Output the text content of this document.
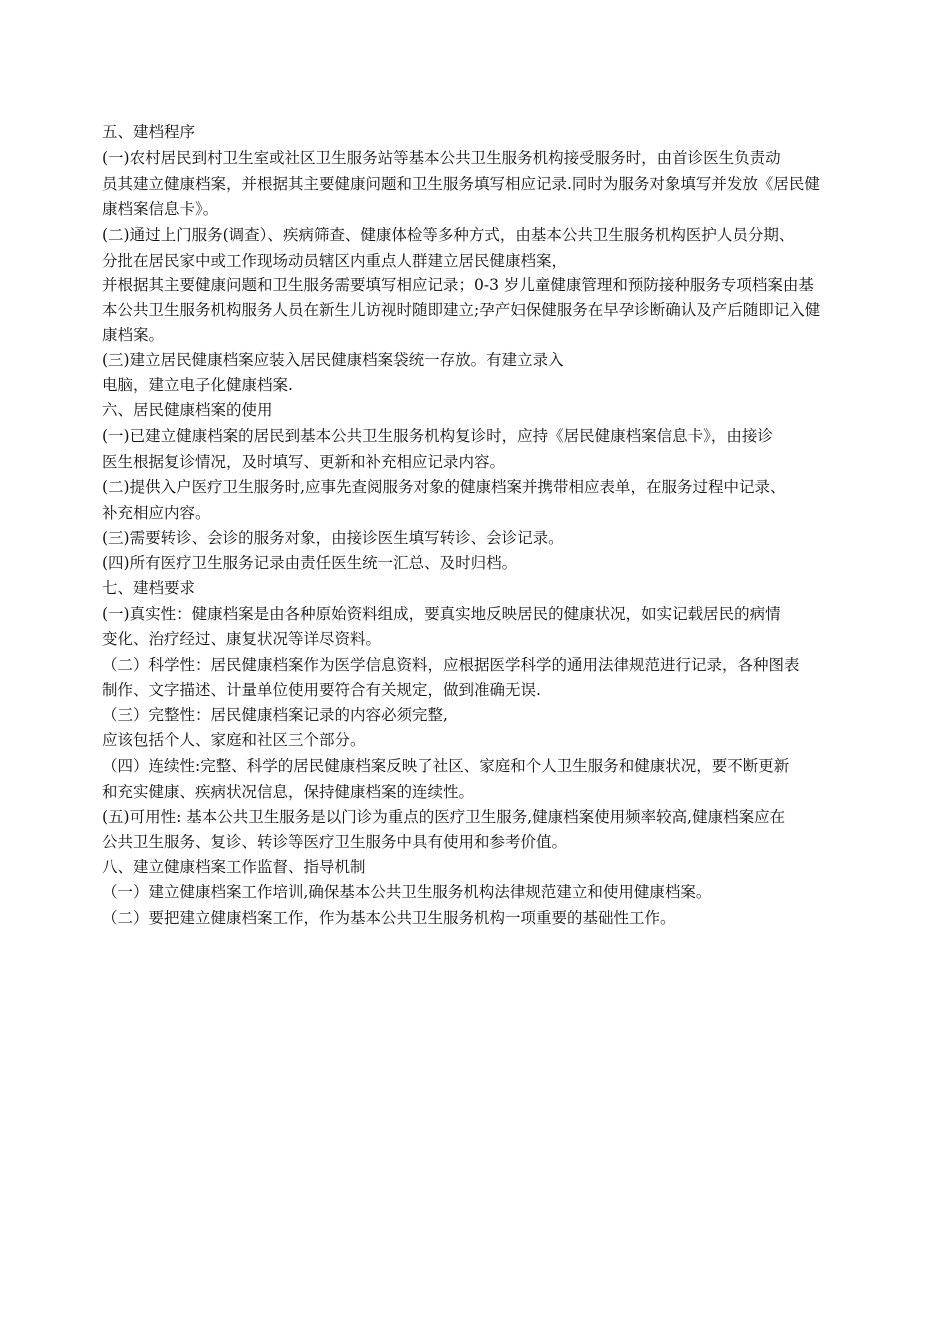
五、建档程序
(一)农村居民到村卫生室或社区卫生服务站等基本公共卫生服务机构接受服务时，由首诊医生负责动
员其建立健康档案，并根据其主要健康问题和卫生服务填写相应记录.同时为服务对象填写并发放《居民健
康档案信息卡》。
(二)通过上门服务(调查）、疾病筛查、健康体检等多种方式，由基本公共卫生服务机构医护人员分期、
分批在居民家中或工作现场动员辖区内重点人群建立居民健康档案，
并根据其主要健康问题和卫生服务需要填写相应记录；0-3 岁儿童健康管理和预防接种服务专项档案由基
本公共卫生服务机构服务人员在新生儿访视时随即建立;孕产妇保健服务在早孕诊断确认及产后随即记入健
康档案。
(三)建立居民健康档案应装入居民健康档案袋统一存放。有建立录入
电脑，建立电子化健康档案.
六、居民健康档案的使用
(一)已建立健康档案的居民到基本公共卫生服务机构复诊时，应持《居民健康档案信息卡》，由接诊
医生根据复诊情况，及时填写、更新和补充相应记录内容。
(二)提供入户医疗卫生服务时,应事先查阅服务对象的健康档案并携带相应表单，在服务过程中记录、
补充相应内容。
(三)需要转诊、会诊的服务对象，由接诊医生填写转诊、会诊记录。
(四)所有医疗卫生服务记录由责任医生统一汇总、及时归档。
七、建档要求
(一)真实性：健康档案是由各种原始资料组成，要真实地反映居民的健康状况，如实记载居民的病情
变化、治疗经过、康复状况等详尽资料。
（二）科学性：居民健康档案作为医学信息资料，应根据医学科学的通用法律规范进行记录，各种图表
制作、文字描述、计量单位使用要符合有关规定，做到准确无误.
（三）完整性：居民健康档案记录的内容必须完整,
应该包括个人、家庭和社区三个部分。
（四）连续性:完整、科学的居民健康档案反映了社区、家庭和个人卫生服务和健康状况，要不断更新
和充实健康、疾病状况信息，保持健康档案的连续性。
(五)可用性: 基本公共卫生服务是以门诊为重点的医疗卫生服务,健康档案使用频率较高,健康档案应在
公共卫生服务、复诊、转诊等医疗卫生服务中具有使用和参考价值。
八、建立健康档案工作监督、指导机制
（一）建立健康档案工作培训,确保基本公共卫生服务机构法律规范建立和使用健康档案。
（二）要把建立健康档案工作，作为基本公共卫生服务机构一项重要的基础性工作。
